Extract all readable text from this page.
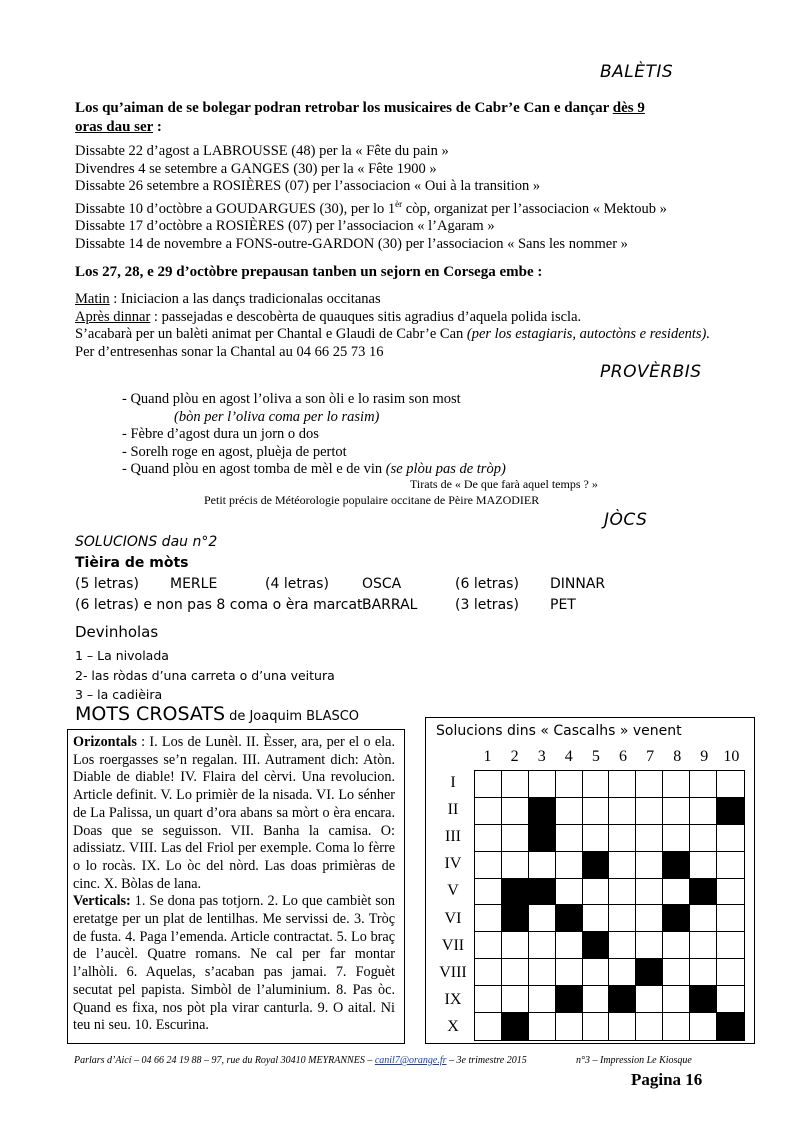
BALÈTIS
Los qu’aiman de se bolegar podran retrobar los musicaires de Cabr’e Can e dançar dès 9
oras dau ser :
Dissabte 22 d’agost a LABROUSSE (48) per la « Fête du pain »
Divendres 4 se setembre a GANGES (30) per la « Fête 1900 »
Dissabte 26 setembre a ROSIÈRES (07) per l’associacion « Oui à la transition »
Dissabte 10 d’octòbre a GOUDARGUES (30), per lo $1^{èr}$ còp, organizat per l’associacion « Mektoub »
Dissabte 17 d’octòbre a ROSIÈRES (07) per l’associacion « l’Agaram »
Dissabte 14 de novembre a FONS-outre-GARDON (30) per l’associacion « Sans les nommer »
Los 27, 28, e 29 d’octòbre prepausan tanben un sejorn en Corsega embe :
Matin : Iniciacion a las dançs tradicionalas occitanas
Après dinnar : passejadas e descobèrta de quauques sitis agradius d’aquela polida iscla.
S’acabarà per un balèti animat per Chantal e Glaudi de Cabr’e Can (per los estagiaris, autoctòns e residents).
Per d’entresenhas sonar la Chantal au 04 66 25 73 16
PROVÈRBIS
- Quand plòu en agost l’oliva a son òli e lo rasim son most
(bòn per l’oliva coma per lo rasim)
- Fèbre d’agost dura un jorn o dos
- Sorelh roge en agost, pluèja de pertot
- Quand plòu en agost tomba de mèl e de vin (se plòu pas de tròp)
Tirats de « De que farà aquel temps ? »
Petit précis de Météorologie populaire occitane de Pèire MAZODIER
JÒCS
SOLUCIONS dau n°2
Tièira de mòts
(5 letras) MERLE	(4 letras) OSCA	(6 letras) DINNAR
(6 letras) e non pas 8 coma o èra marcat BARRAL	(3 letras) PET
Devinholas
1 – La nivolada
2- las ròdas d’una carreta o d’una veitura
3 – la cadièira
MOTS CROSATS de Joaquim BLASCO
Orizontals : I. Los de Lunèl. II. Èsser, ara, per el o ela. Los roergasses se’n regalan. III. Autrament dich: Atòn. Diable de diable! IV. Flaira del cèrvi. Una revolucion. Article definit. V. Lo primièr de la nisada. VI. Lo sénher de La Palissa, un quart d’ora abans sa mòrt o èra encara. Doas que se seguisson. VII. Banha la camisa. O: adissiatz. VIII. Las del Friol per exemple. Coma lo fèrre o lo rocàs. IX. Lo òc del nòrd. Las doas primièras de cinc. X. Bòlas de lana.
Verticals: 1. Se dona pas totjorn. 2. Lo que cambièt son eretatge per un plat de lentilhas. Me servissi de. 3. Tròç de fusta. 4. Paga l’emenda. Article contractat. 5. Lo braç de l’aucèl. Quatre romans. Ne cal per far montar l’alhòli. 6. Aquelas, s’acaban pas jamai. 7. Foguèt secutat pel papista. Simbòl de l’aluminium. 8. Pas òc. Quand es fixa, nos pòt pla virar canturla. 9. O aital. Ni teu ni seu. 10. Escurina.
Solucions dins « Cascalhs » venent
1	2	3	4	5	6	7	8	9 10
I
II
III
IV
V
VI
VII
VIII
IX
X
Parlars d’Aicí – 04 66 24 19 88 – 97, rue du Royal 30410 MEYRANNES – canil7@orange.fr – 3e trimestre 2015	n°3 – Impression Le Kiosque
Pagina 16
